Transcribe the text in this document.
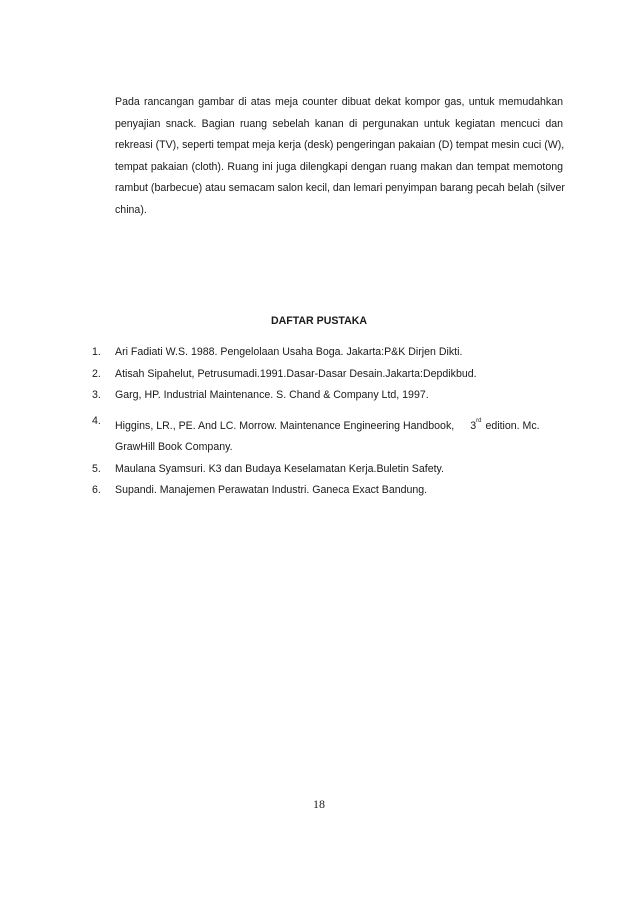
Pada rancangan gambar di atas meja counter dibuat dekat kompor gas, untuk memudahkan
penyajian snack. Bagian ruang sebelah kanan di pergunakan untuk kegiatan mencuci dan
rekreasi (TV), seperti tempat meja kerja (desk) pengeringan pakaian (D) tempat mesin cuci (W),
tempat pakaian (cloth). Ruang ini juga dilengkapi dengan ruang makan dan tempat memotong
rambut (barbecue) atau semacam salon kecil, dan lemari penyimpan barang pecah belah (silver
china).
DAFTAR PUSTAKA
1. Ari Fadiati W.S. 1988. Pengelolaan Usaha Boga. Jakarta:P&K Dirjen Dikti.
2. Atisah Sipahelut, Petrusumadi.1991.Dasar-Dasar Desain.Jakarta:Depdikbud.
3. Garg, HP. Industrial Maintenance. S. Chand & Company Ltd, 1997.
4. Higgins, LR., PE. And LC. Morrow. Maintenance Engineering Handbook, 3rd edition. Mc.
GrawHill Book Company.
5. Maulana Syamsuri. K3 dan Budaya Keselamatan Kerja.Buletin Safety.
6. Supandi. Manajemen Perawatan Industri. Ganeca Exact Bandung.

18
